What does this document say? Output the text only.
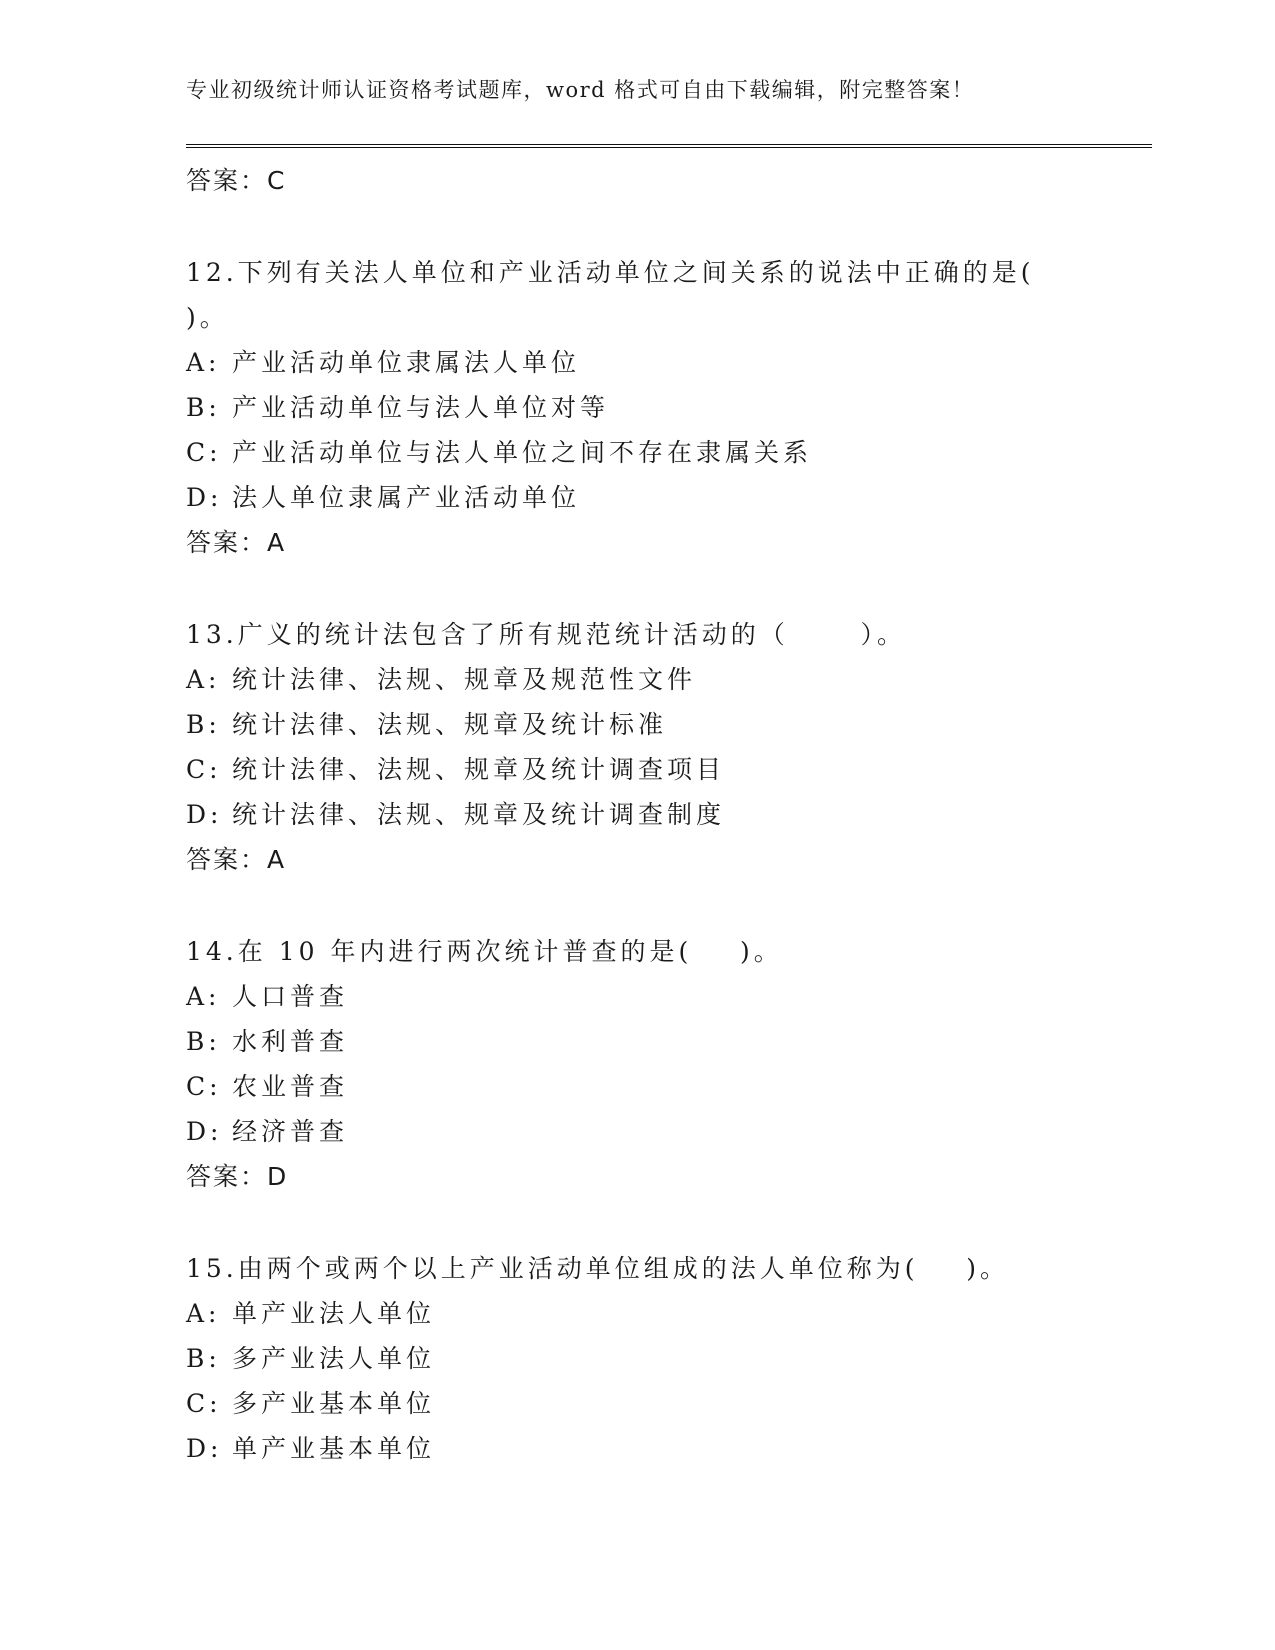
专业初级统计师认证资格考试题库，word 格式可自由下载编辑，附完整答案！
答案：C
12.下列有关法人单位和产业活动单位之间关系的说法中正确的是(
)。
A: 产业活动单位隶属法人单位
B: 产业活动单位与法人单位对等
C: 产业活动单位与法人单位之间不存在隶属关系
D: 法人单位隶属产业活动单位
答案：A
13.广义的统计法包含了所有规范统计活动的（      ）。
A: 统计法律、法规、规章及规范性文件
B: 统计法律、法规、规章及统计标准
C: 统计法律、法规、规章及统计调查项目
D: 统计法律、法规、规章及统计调查制度
答案：A
14.在 10 年内进行两次统计普查的是(    )。
A: 人口普查
B: 水利普查
C: 农业普查
D: 经济普查
答案：D
15.由两个或两个以上产业活动单位组成的法人单位称为(    )。
A: 单产业法人单位
B: 多产业法人单位
C: 多产业基本单位
D: 单产业基本单位
